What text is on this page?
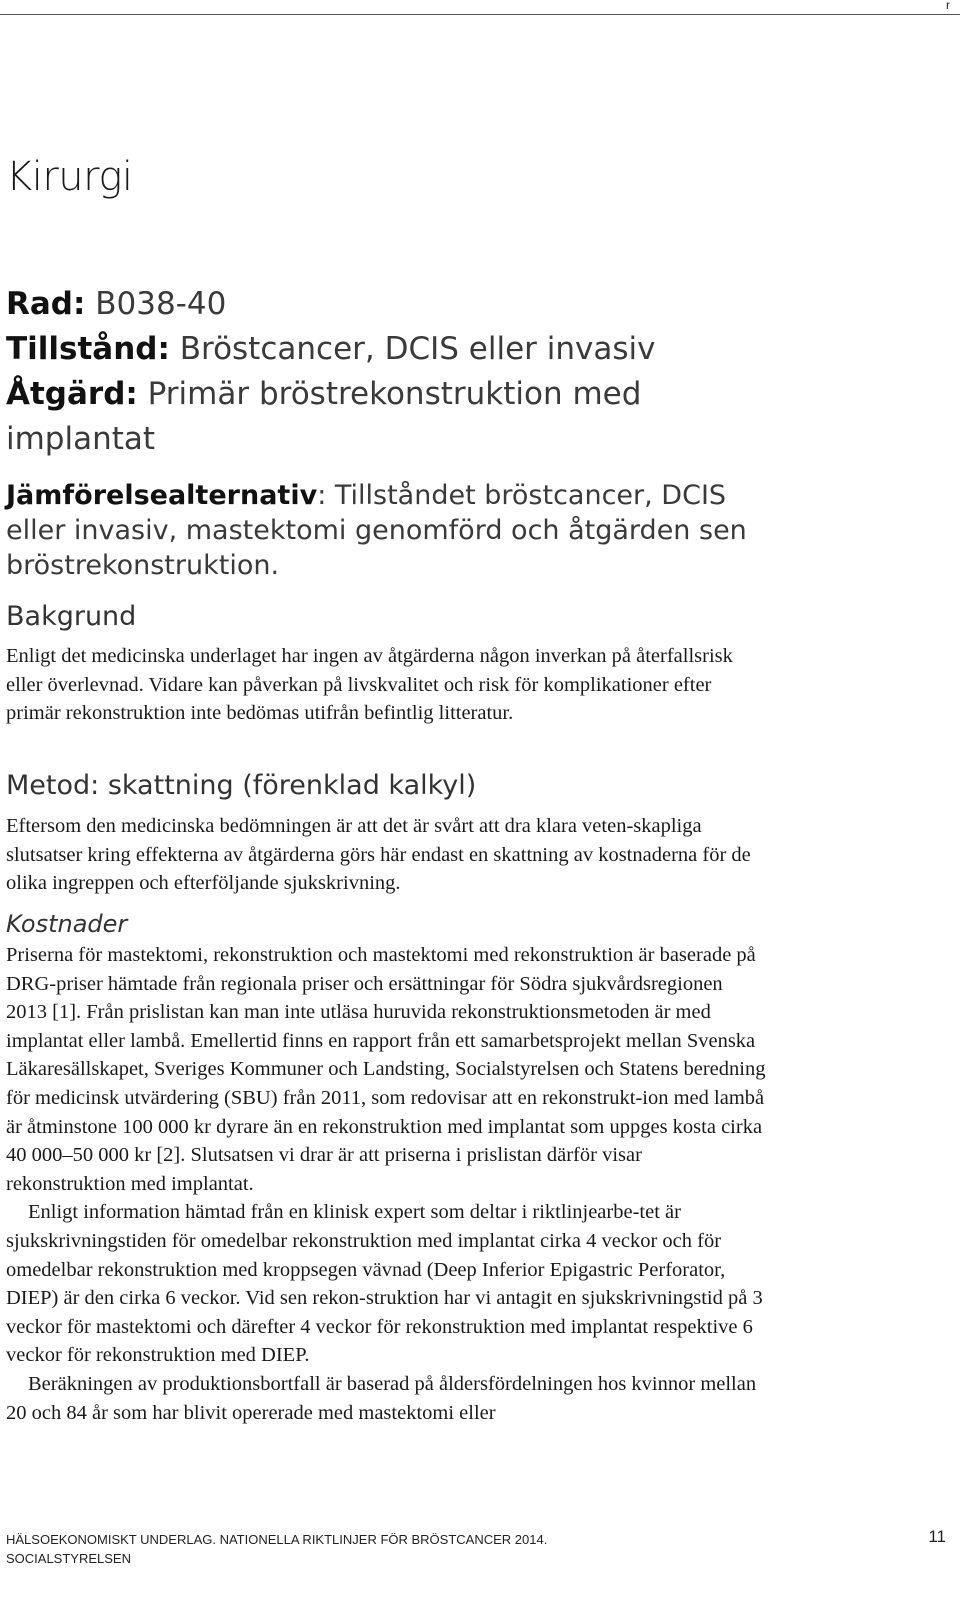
r
Kirurgi
Rad: B038-40
Tillstånd: Bröstcancer, DCIS eller invasiv
Åtgärd: Primär bröstrekonstruktion med
implantat
Jämförelsealternativ: Tillståndet bröstcancer, DCIS eller invasiv, mastektomi genomförd och åtgärden sen bröstrekonstruktion.
Bakgrund

Enligt det medicinska underlaget har ingen av åtgärderna någon inverkan på återfallsrisk eller överlevnad. Vidare kan påverkan på livskvalitet och risk för komplikationer efter primär rekonstruktion inte bedömas utifrån befintlig litteratur.

Metod: skattning (förenklad kalkyl)

Eftersom den medicinska bedömningen är att det är svårt att dra klara veten-skapliga slutsatser kring effekterna av åtgärderna görs här endast en skattning av kostnaderna för de olika ingreppen och efterföljande sjukskrivning.

Kostnader

Priserna för mastektomi, rekonstruktion och mastektomi med rekonstruktion är baserade på DRG-priser hämtade från regionala priser och ersättningar för Södra sjukvårdsregionen 2013 [1]. Från prislistan kan man inte utläsa huruvida rekonstruktionsmetoden är med implantat eller lambå. Emellertid finns en rapport från ett samarbetsprojekt mellan Svenska Läkaresällskapet, Sveriges Kommuner och Landsting, Socialstyrelsen och Statens beredning för medicinsk utvärdering (SBU) från 2011, som redovisar att en rekonstrukt-ion med lambå är åtminstone 100 000 kr dyrare än en rekonstruktion med implantat som uppges kosta cirka 40 000–50 000 kr [2]. Slutsatsen vi drar är att priserna i prislistan därför visar rekonstruktion med implantat.

Enligt information hämtad från en klinisk expert som deltar i riktlinjearbe-tet är sjukskrivningstiden för omedelbar rekonstruktion med implantat cirka 4 veckor och för omedelbar rekonstruktion med kroppsegen vävnad (Deep Inferior Epigastric Perforator, DIEP) är den cirka 6 veckor. Vid sen rekon-struktion har vi antagit en sjukskrivningstid på 3 veckor för mastektomi och därefter 4 veckor för rekonstruktion med implantat respektive 6 veckor för rekonstruktion med DIEP.

Beräkningen av produktionsbortfall är baserad på åldersfördelningen hos kvinnor mellan 20 och 84 år som har blivit opererade med mastektomi eller

HÄLSOEKONOMISKT UNDERLAG. NATIONELLA RIKTLINJER FÖR BRÖSTCANCER 2014.
SOCIALSTYRELSEN
11
